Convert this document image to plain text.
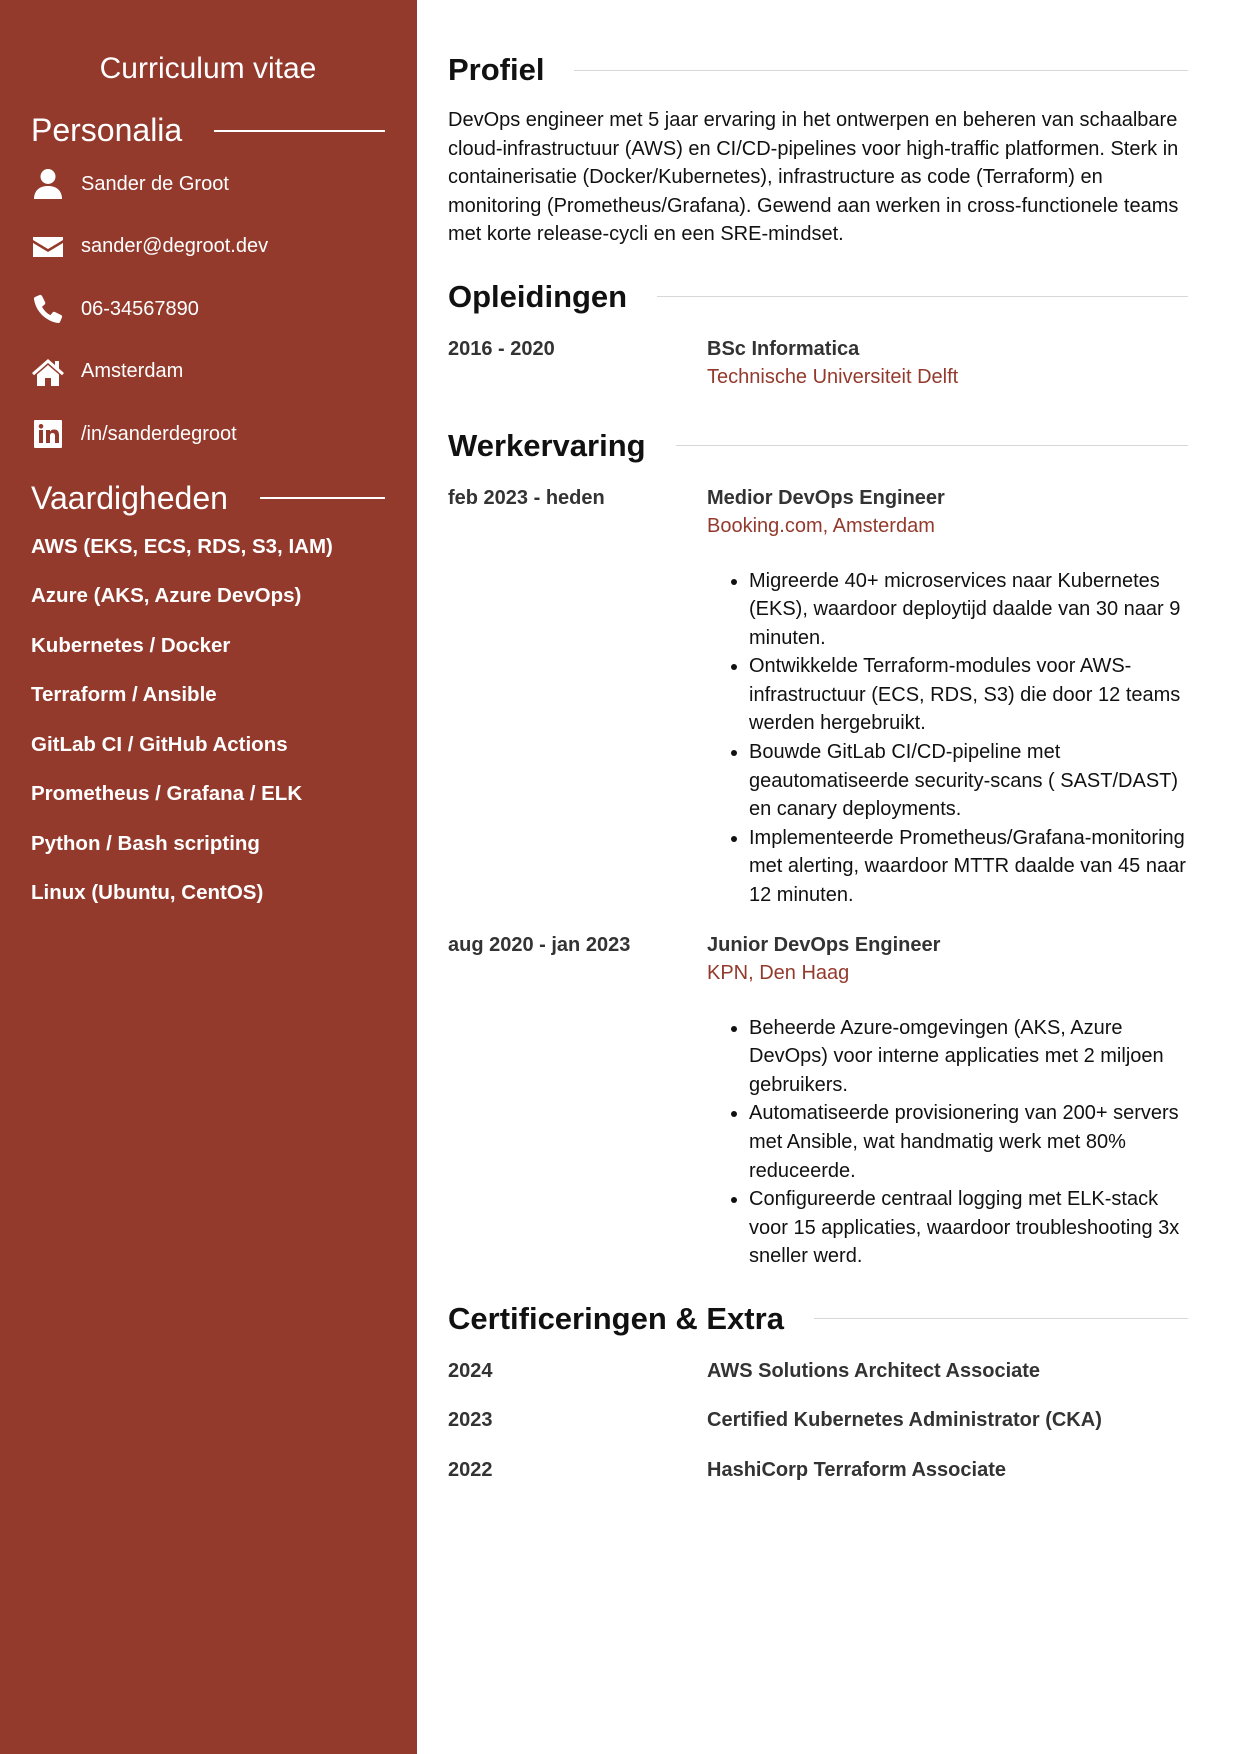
Curriculum vitae
Personalia
Sander de Groot
sander@degroot.dev
06-34567890
Amsterdam
/in/sanderdegroot
Vaardigheden
AWS (EKS, ECS, RDS, S3, IAM)
Azure (AKS, Azure DevOps)
Kubernetes / Docker
Terraform / Ansible
GitLab CI / GitHub Actions
Prometheus / Grafana / ELK
Python / Bash scripting
Linux (Ubuntu, CentOS)
Profiel

DevOps engineer met 5 jaar ervaring in het ontwerpen en beheren van schaalbare cloud-infrastructuur (AWS) en CI/CD-pipelines voor high-traffic platformen. Sterk in containerisatie (Docker/Kubernetes), infrastructure as code (Terraform) en monitoring (Prometheus/Grafana). Gewend aan werken in cross-functionele teams met korte release-cycli en een SRE-mindset.

Opleidingen
2016 - 2020	BSc Informatica
Technische Universiteit Delft
Werkervaring
feb 2023 - heden	Medior DevOps Engineer
Booking.com, Amsterdam
• Migreerde 40+ microservices naar Kubernetes (EKS), waardoor deploytijd daalde van 30 naar 9 minuten.
• Ontwikkelde Terraform-modules voor AWS-infrastructuur (ECS, RDS, S3) die door 12 teams werden hergebruikt.
• Bouwde GitLab CI/CD-pipeline met geautomatiseerde security-scans ( SAST/DAST) en canary deployments.
• Implementeerde Prometheus/Grafana-monitoring met alerting, waardoor MTTR daalde van 45 naar 12 minuten.
aug 2020 - jan 2023	Junior DevOps Engineer
KPN, Den Haag
• Beheerde Azure-omgevingen (AKS, Azure DevOps) voor interne applicaties met 2 miljoen gebruikers.
• Automatiseerde provisionering van 200+ servers met Ansible, wat handmatig werk met 80% reduceerde.
• Configureerde centraal logging met ELK-stack voor 15 applicaties, waardoor troubleshooting 3x sneller werd.
Certificeringen & Extra
2024	AWS Solutions Architect Associate
2023	Certified Kubernetes Administrator (CKA)
2022	HashiCorp Terraform Associate
